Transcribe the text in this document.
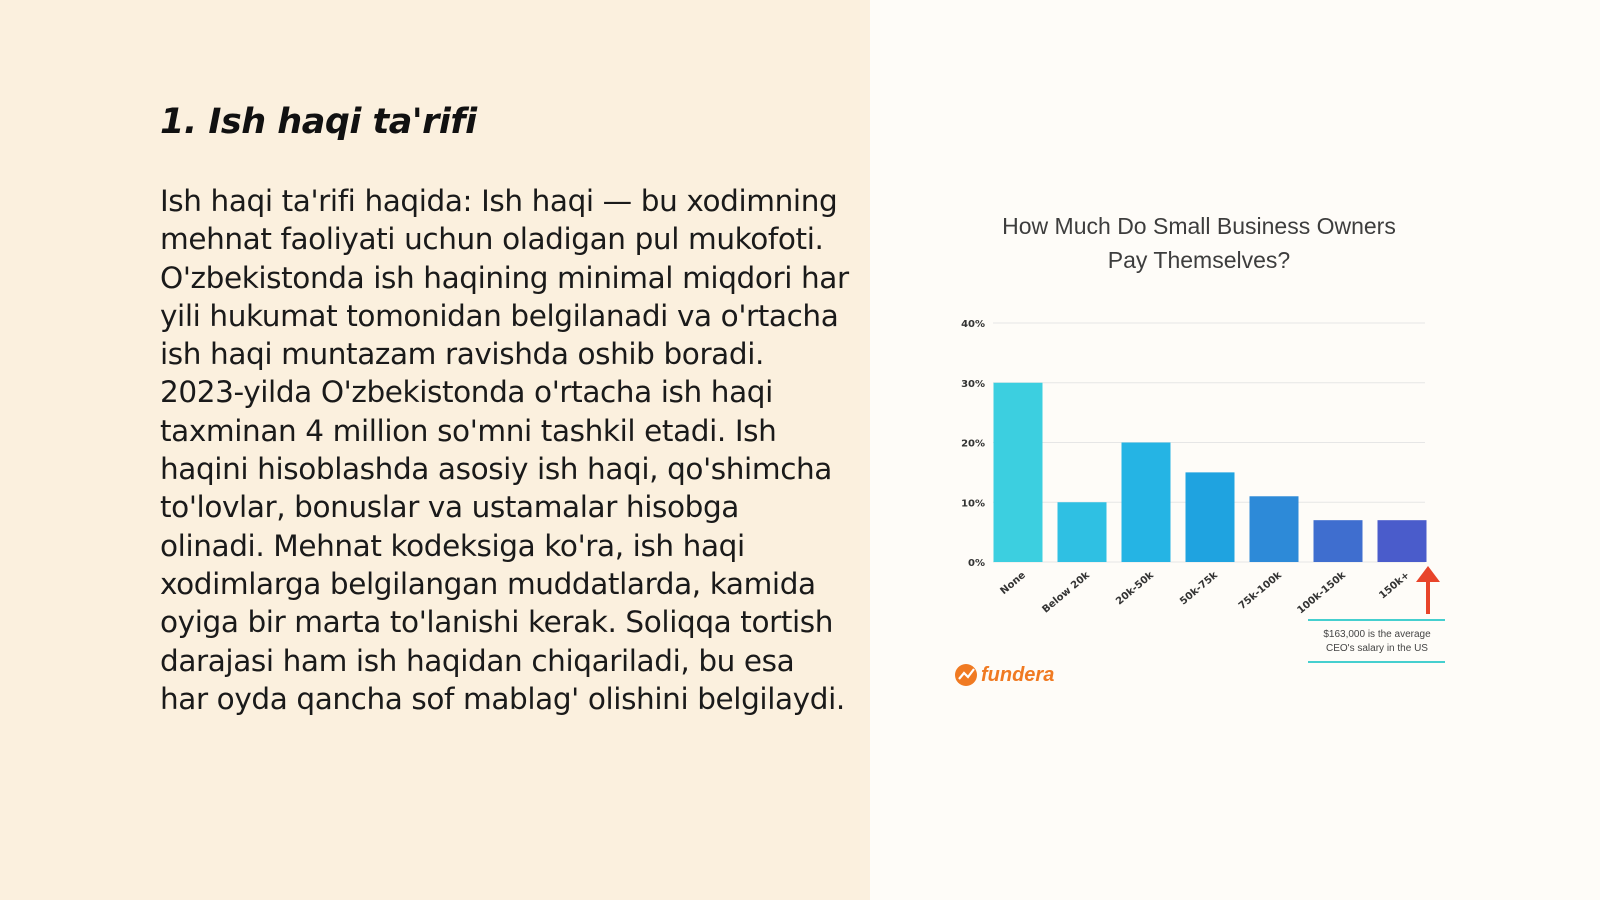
1. Ish haqi ta'rifi

Ish haqi ta'rifi haqida: Ish haqi — bu xodimning mehnat faoliyati uchun oladigan pul mukofoti. O'zbekistonda ish haqining minimal miqdori har yili hukumat tomonidan belgilanadi va o'rtacha ish haqi muntazam ravishda oshib boradi. 2023-yilda O'zbekistonda o'rtacha ish haqi taxminan 4 million so'mni tashkil etadi. Ish haqini hisoblashda asosiy ish haqi, qo'shimcha to'lovlar, bonuslar va ustamalar hisobga olinadi. Mehnat kodeksiga ko'ra, ish haqi xodimlarga belgilangan muddatlarda, kamida oyiga bir marta to'lanishi kerak. Soliqqa tortish darajasi ham ish haqidan chiqariladi, bu esa har oyda qancha sof mablag' olishini belgilaydi.

How Much Do Small Business Owners
Pay Themselves?
0%
10%
20%
30%
40%
None Below 20k 20k-50k 50k-75k 75k-100k 100k-150k	150k+
$163,000 is the average
CEO's salary in the US
fundera
